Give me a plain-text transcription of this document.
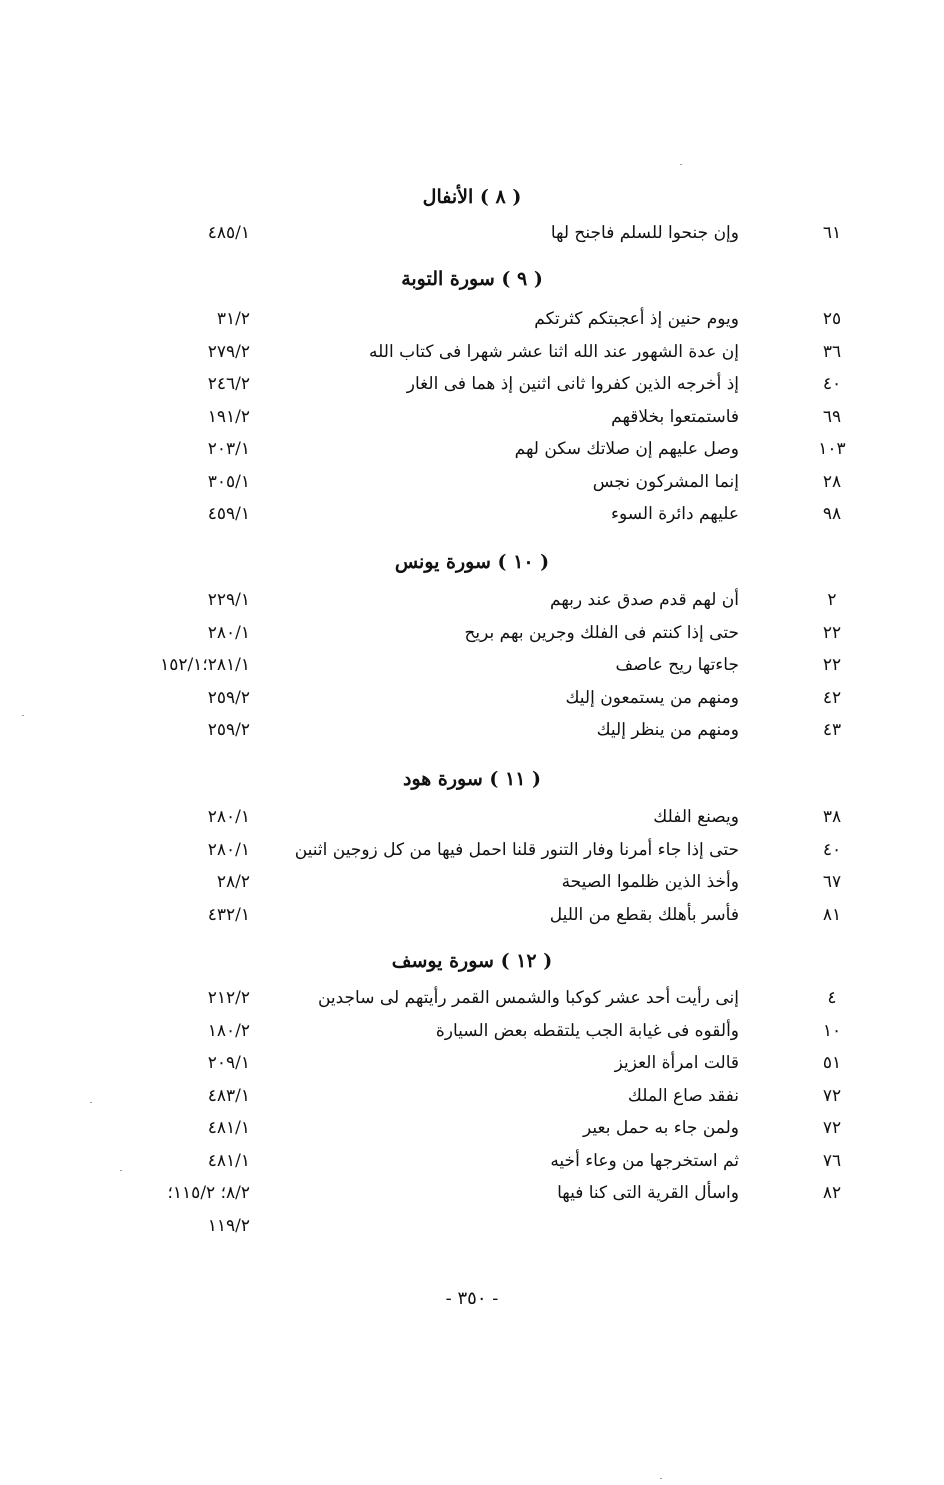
( ٨ ) الأنفال
٦١
وإن جنحوا للسلم فاجنح لها
٤٨٥/١
( ٩ ) سورة التوبة
٢٥
ويوم حنين إذ أعجبتكم كثرتكم
٣١/٢
٣٦
إن عدة الشهور عند الله اثنا عشر شهرا فى كتاب الله
٢٧٩/٢
٤٠
إذ أخرجه الذين كفروا ثانى اثنين إذ هما فى الغار
٢٤٦/٢
٦٩
فاستمتعوا بخلاقهم
١٩١/٢
١٠٣
وصل عليهم إن صلاتك سكن لهم
٢٠٣/١
٢٨
إنما المشركون نجس
٣٠٥/١
٩٨
عليهم دائرة السوء
٤٥٩/١
( ١٠ ) سورة يونس
٢
أن لهم قدم صدق عند ربهم
٢٢٩/١
٢٢
حتى إذا كنتم فى الفلك وجرين بهم بريح
٢٨٠/١
٢٢
جاءتها ريح عاصف
٢٨١/١؛١٥٢/١
٤٢
ومنهم من يستمعون إليك
٢٥٩/٢
٤٣
ومنهم من ينظر إليك
٢٥٩/٢
( ١١ ) سورة هود
٣٨
ويصنع الفلك
٢٨٠/١
٤٠
حتى إذا جاء أمرنا وفار التنور قلنا احمل فيها من كل زوجين اثنين
٢٨٠/١
٦٧
وأخذ الذين ظلموا الصيحة
٢٨/٢
٨١
فأسر بأهلك بقطع من الليل
٤٣٢/١
( ١٢ ) سورة يوسف
٤
إنى رأيت أحد عشر كوكبا والشمس القمر رأيتهم لى ساجدين
٢١٢/٢
١٠
وألقوه فى غيابة الجب يلتقطه بعض السيارة
١٨٠/٢
٥١
قالت امرأة العزيز
٢٠٩/١
٧٢
نفقد صاع الملك
٤٨٣/١
٧٢
ولمن جاء به حمل بعير
٤٨١/١
٧٦
ثم استخرجها من وعاء أخيه
٤٨١/١
٨٢
واسأل القرية التى كنا فيها
٨/٢؛ ١١٥/٢؛
١١٩/٢
- ٣٥٠ -
